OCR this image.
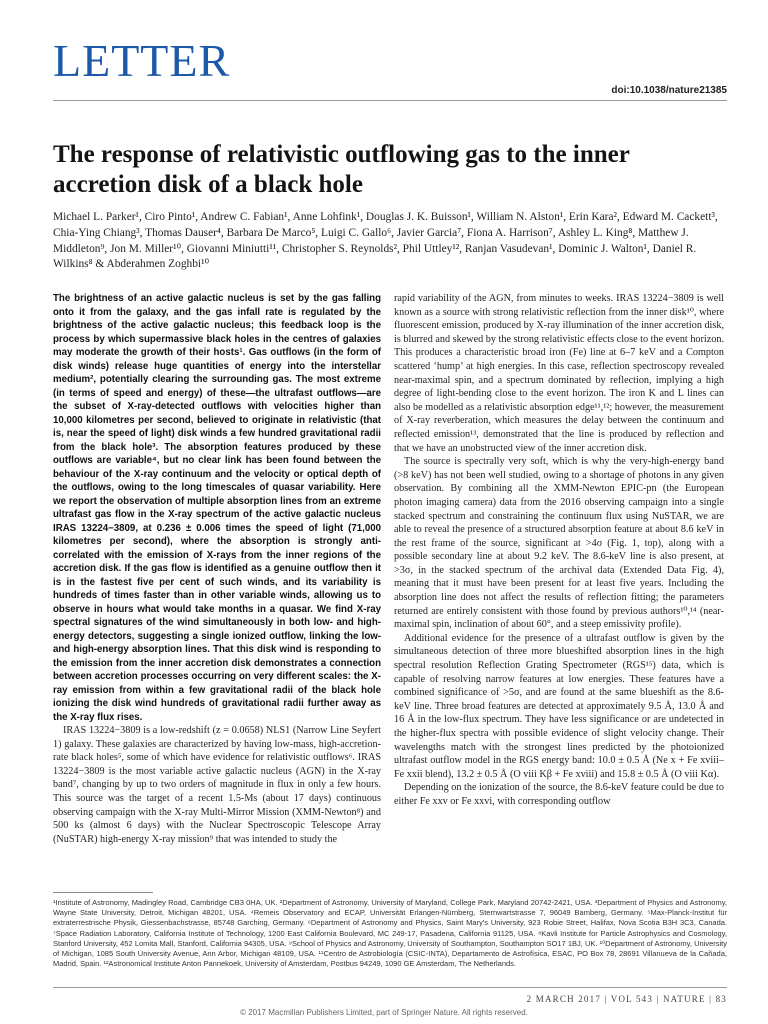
LETTER
doi:10.1038/nature21385
The response of relativistic outflowing gas to the inner accretion disk of a black hole

Michael L. Parker¹, Ciro Pinto¹, Andrew C. Fabian¹, Anne Lohfink¹, Douglas J. K. Buisson¹, William N. Alston¹, Erin Kara², Edward M. Cackett³, Chia-Ying Chiang³, Thomas Dauser⁴, Barbara De Marco⁵, Luigi C. Gallo⁶, Javier Garcia⁷, Fiona A. Harrison⁷, Ashley L. King⁸, Matthew J. Middleton⁹, Jon M. Miller¹⁰, Giovanni Miniutti¹¹, Christopher S. Reynolds², Phil Uttley¹², Ranjan Vasudevan¹, Dominic J. Walton¹, Daniel R. Wilkins⁸ & Abderahmen Zoghbi¹⁰

The brightness of an active galactic nucleus is set by the gas falling onto it from the galaxy, and the gas infall rate is regulated by the brightness of the active galactic nucleus; this feedback loop is the process by which supermassive black holes in the centres of galaxies may moderate the growth of their hosts¹. Gas outflows (in the form of disk winds) release huge quantities of energy into the interstellar medium², potentially clearing the surrounding gas. The most extreme (in terms of speed and energy) of these—the ultrafast outflows—are the subset of X-ray-detected outflows with velocities higher than 10,000 kilometres per second, believed to originate in relativistic (that is, near the speed of light) disk winds a few hundred gravitational radii from the black hole³. The absorption features produced by these outflows are variable⁴, but no clear link has been found between the behaviour of the X-ray continuum and the velocity or optical depth of the outflows, owing to the long timescales of quasar variability. Here we report the observation of multiple absorption lines from an extreme ultrafast gas flow in the X-ray spectrum of the active galactic nucleus IRAS 13224−3809, at 0.236 ± 0.006 times the speed of light (71,000 kilometres per second), where the absorption is strongly anti-correlated with the emission of X-rays from the inner regions of the accretion disk. If the gas flow is identified as a genuine outflow then it is in the fastest five per cent of such winds, and its variability is hundreds of times faster than in other variable winds, allowing us to observe in hours what would take months in a quasar. We find X-ray spectral signatures of the wind simultaneously in both low- and high-energy detectors, suggesting a single ionized outflow, linking the low- and high-energy absorption lines. That this disk wind is responding to the emission from the inner accretion disk demonstrates a connection between accretion processes occurring on very different scales: the X-ray emission from within a few gravitational radii of the black hole ionizing the disk wind hundreds of gravitational radii further away as the X-ray flux rises.

IRAS 13224−3809 is a low-redshift (z = 0.0658) NLS1 (Narrow Line Seyfert 1) galaxy. These galaxies are characterized by having low-mass, high-accretion-rate black holes⁵, some of which have evidence for relativistic outflows⁶. IRAS 13224−3809 is the most variable active galactic nucleus (AGN) in the X-ray band⁷, changing by up to two orders of magnitude in flux in only a few hours. This source was the target of a recent 1.5-Ms (about 17 days) continuous observing campaign with the X-ray Multi-Mirror Mission (XMM-Newton⁸) and 500 ks (almost 6 days) with the Nuclear Spectroscopic Telescope Array (NuSTAR) high-energy X-ray mission⁹ that was intended to study the

rapid variability of the AGN, from minutes to weeks. IRAS 13224−3809 is well known as a source with strong relativistic reflection from the inner disk¹⁰, where fluorescent emission, produced by X-ray illumination of the inner accretion disk, is blurred and skewed by the strong relativistic effects close to the event horizon. This produces a characteristic broad iron (Fe) line at 6–7 keV and a Compton scattered ‘hump’ at high energies. In this case, reflection spectroscopy revealed near-maximal spin, and a spectrum dominated by reflection, implying a high degree of light-bending close to the event horizon. The iron K and L lines can also be modelled as a relativistic absorption edge¹¹,¹²; however, the measurement of X-ray reverberation, which measures the delay between the continuum and reflected emission¹³, demonstrated that the line is produced by reflection and that we have an unobstructed view of the inner accretion disk.

The source is spectrally very soft, which is why the very-high-energy band (>8 keV) has not been well studied, owing to a shortage of photons in any given observation. By combining all the XMM-Newton EPIC-pn (the European photon imaging camera) data from the 2016 observing campaign into a single stacked spectrum and constraining the continuum flux using NuSTAR, we are able to reveal the presence of a structured absorption feature at about 8.6 keV in the rest frame of the source, significant at >4σ (Fig. 1, top), along with a possible secondary line at about 9.2 keV. The 8.6-keV line is also present, at >3σ, in the stacked spectrum of the archival data (Extended Data Fig. 4), meaning that it must have been present for at least five years. Including the absorption line does not affect the results of reflection fitting; the parameters returned are entirely consistent with those found by previous authors¹⁰,¹⁴ (near-maximal spin, inclination of about 60°, and a steep emissivity profile).

Additional evidence for the presence of a ultrafast outflow is given by the simultaneous detection of three more blueshifted absorption lines in the high spectral resolution Reflection Grating Spectrometer (RGS¹⁵) data, which is capable of resolving narrow features at low energies. These features have a combined significance of >5σ, and are found at the same blueshift as the 8.6-keV line. Three broad features are detected at approximately 9.5 Å, 13.0 Å and 16 Å in the low-flux spectrum. They have less significance or are undetected in the higher-flux spectra with possible evidence of slight velocity change. Their wavelengths match with the strongest lines predicted by the photoionized ultrafast outflow model in the RGS energy band: 10.0 ± 0.5 Å (Ne x + Fe xviii–Fe xxii blend), 13.2 ± 0.5 Å (O viii Kβ + Fe xviii) and 15.8 ± 0.5 Å (O viii Kα).

Depending on the ionization of the source, the 8.6-keV feature could be due to either Fe xxv or Fe xxvi, with corresponding outflow

¹Institute of Astronomy, Madingley Road, Cambridge CB3 0HA, UK. ²Department of Astronomy, University of Maryland, College Park, Maryland 20742-2421, USA. ³Department of Physics and Astronomy, Wayne State University, Detroit, Michigan 48201, USA. ⁴Remeis Observatory and ECAP, Universität Erlangen-Nürnberg, Sternwartstrasse 7, 96049 Bamberg, Germany. ⁵Max-Planck-Institut für extraterrestrische Physik, Giessenbachstrasse, 85748 Garching, Germany. ⁶Department of Astronomy and Physics, Saint Mary's University, 923 Robie Street, Halifax, Nova Scotia B3H 3C3, Canada. ⁷Space Radiation Laboratory, California Institute of Technology, 1200 East California Boulevard, MC 249-17, Pasadena, California 91125, USA. ⁸Kavli Institute for Particle Astrophysics and Cosmology, Stanford University, 452 Lomita Mall, Stanford, California 94305, USA. ⁹School of Physics and Astronomy, University of Southampton, Southampton SO17 1BJ, UK. ¹⁰Department of Astronomy, University of Michigan, 1085 South University Avenue, Ann Arbor, Michigan 48109, USA. ¹¹Centro de Astrobiología (CSIC-INTA), Departamento de Astrofísica, ESAC, PO Box 78, 28691 Villanueva de la Cañada, Madrid, Spain. ¹²Astronomical Institute Anton Pannekoek, University of Amsterdam, Postbus 94249, 1090 GE Amsterdam, The Netherlands.

2 MARCH 2017 | VOL 543 | NATURE | 83
© 2017 Macmillan Publishers Limited, part of Springer Nature. All rights reserved.
